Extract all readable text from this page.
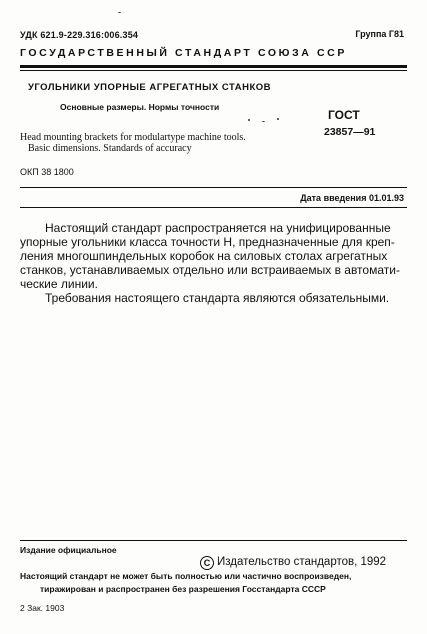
УДК 621.9-229.316:006.354	Группа Г81
ГОСУДАРСТВЕННЫЙ СТАНДАРТ СОЮЗА ССР
УГОЛЬНИКИ УПОРНЫЕ АГРЕГАТНЫХ СТАНКОВ
Основные размеры. Нормы точности
ГОСТ
23857—91
Head mounting brackets for modulartype machine tools.
Basic dimensions. Standards of accuracy
ОКП 38 1800
Дата введения 01.01.93

Настоящий стандарт распространяется на унифицированные
упорные угольники класса точности Н, предназначенные для креп-
ления многошпиндельных коробок на силовых столах агрегатных
станков, устанавливаемых отдельно или встраиваемых в автомати-
ческие линии.

Требования настоящего стандарта являются обязательными.

Издание официальное
С Издательство стандартов, 1992
Настоящий стандарт не может быть полностью или частично воспроизведен,
тиражирован и распространен без разрешения Госстандарта СССР
2 Зак. 1903
